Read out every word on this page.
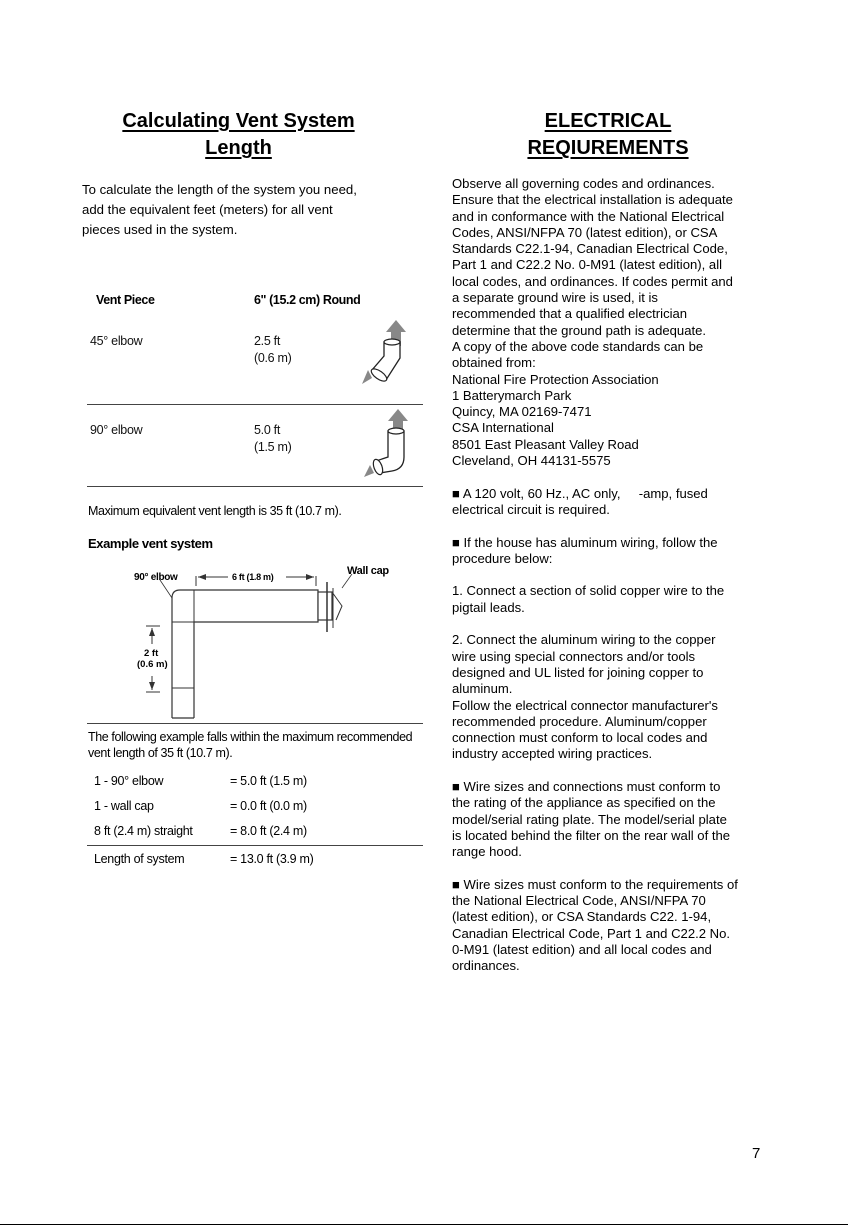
Calculating Vent System
Length
To calculate the length of the system you need,
add the equivalent feet (meters) for all vent
pieces used in the system.
Vent Piece	6" (15.2 cm) Round
45° elbow	2.5 ft
(0.6 m)
90° elbow	5.0 ft
(1.5 m)
Maximum equivalent vent length is 35 ft (10.7 m).
Example vent system
90° elbow	6 ft (1.8 m)	Wall cap
2 ft
(0.6 m)
The following example falls within the maximum recommended
vent length of 35 ft (10.7 m).
1 - 90° elbow	= 5.0 ft (1.5 m)
1 - wall cap	= 0.0 ft (0.0 m)
8 ft (2.4 m) straight	= 8.0 ft (2.4 m)
Length of system	= 13.0 ft (3.9 m)
ELECTRICAL
REQIUREMENTS

Observe all governing codes and ordinances.
Ensure that the electrical installation is adequate
and in conformance with the National Electrical
Codes, ANSI/NFPA 70 (latest edition), or CSA
Standards C22.1-94, Canadian Electrical Code,
Part 1 and C22.2 No. 0-M91 (latest edition), all
local codes, and ordinances. If codes permit and
a separate ground wire is used, it is
recommended that a qualified electrician
determine that the ground path is adequate.
A copy of the above code standards can be
obtained from:
National Fire Protection Association
1 Batterymarch Park
Quincy, MA 02169-7471
CSA International
8501 East Pleasant Valley Road
Cleveland, OH 44131-5575

■ A 120 volt, 60 Hz., AC only,     -amp, fused
electrical circuit is required.

■ If the house has aluminum wiring, follow the
procedure below:

1. Connect a section of solid copper wire to the
pigtail leads.

2. Connect the aluminum wiring to the copper
wire using special connectors and/or tools
designed and UL listed for joining copper to
aluminum.
Follow the electrical connector manufacturer's
recommended procedure. Aluminum/copper
connection must conform to local codes and
industry accepted wiring practices.

■ Wire sizes and connections must conform to
the rating of the appliance as specified on the
model/serial rating plate. The model/serial plate
is located behind the filter on the rear wall of the
range hood.

■ Wire sizes must conform to the requirements of
the National Electrical Code, ANSI/NFPA 70
(latest edition), or CSA Standards C22. 1-94,
Canadian Electrical Code, Part 1 and C22.2 No.
0-M91 (latest edition) and all local codes and
ordinances.

7
